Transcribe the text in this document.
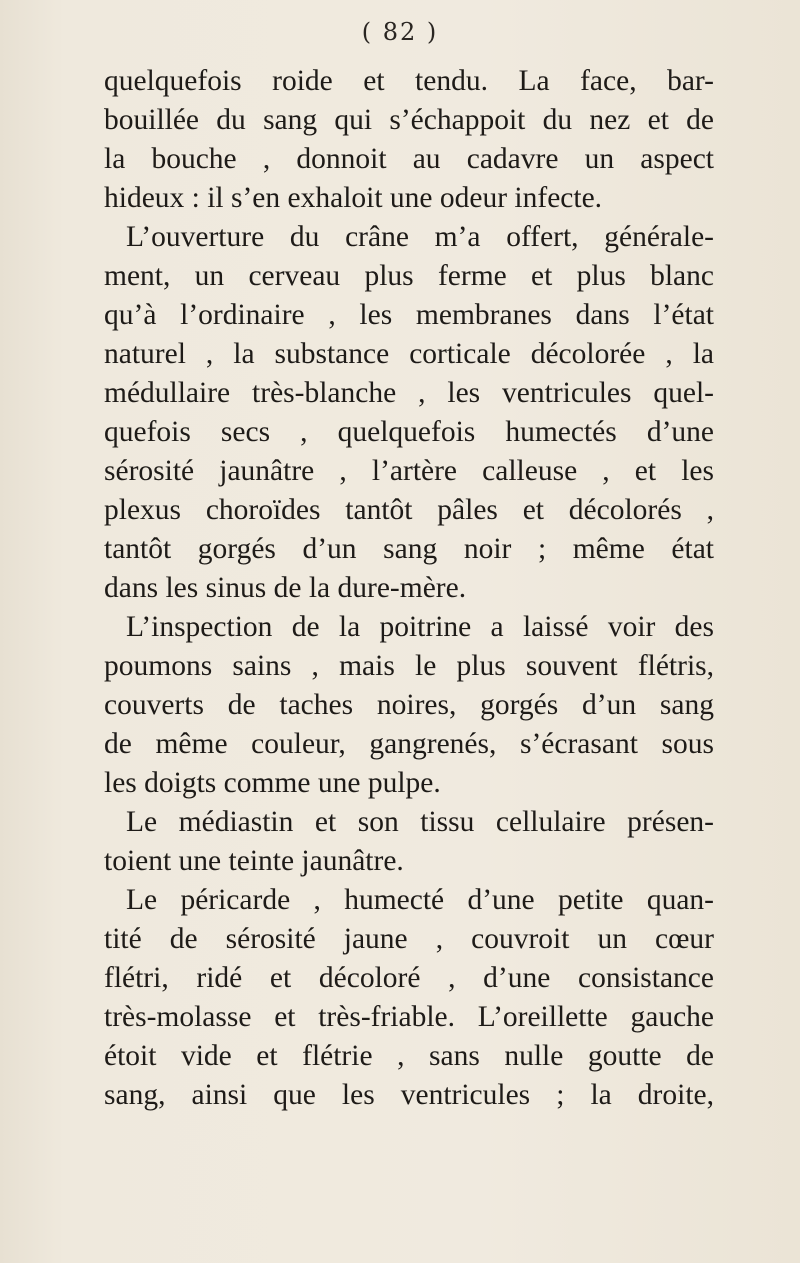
( 82 )
quelquefois roide et tendu. La face, bar-
bouillée du sang qui s’échappoit du nez et de
la bouche , donnoit au cadavre un aspect
hideux : il s’en exhaloit une odeur infecte.
L’ouverture du crâne m’a offert, générale-
ment, un cerveau plus ferme et plus blanc
qu’à l’ordinaire , les membranes dans l’état
naturel , la substance corticale décolorée , la
médullaire très-blanche , les ventricules quel-
quefois secs , quelquefois humectés d’une
sérosité jaunâtre , l’artère calleuse , et les
plexus choroïdes tantôt pâles et décolorés ,
tantôt gorgés d’un sang noir ; même état
dans les sinus de la dure-mère.
L’inspection de la poitrine a laissé voir des
poumons sains , mais le plus souvent flétris,
couverts de taches noires, gorgés d’un sang
de même couleur, gangrenés, s’écrasant sous
les doigts comme une pulpe.
Le médiastin et son tissu cellulaire présen-
toient une teinte jaunâtre.
Le péricarde , humecté d’une petite quan-
tité de sérosité jaune , couvroit un cœur
flétri, ridé et décoloré , d’une consistance
très-molasse et très-friable. L’oreillette gauche
étoit vide et flétrie , sans nulle goutte de
sang, ainsi que les ventricules ; la droite,
